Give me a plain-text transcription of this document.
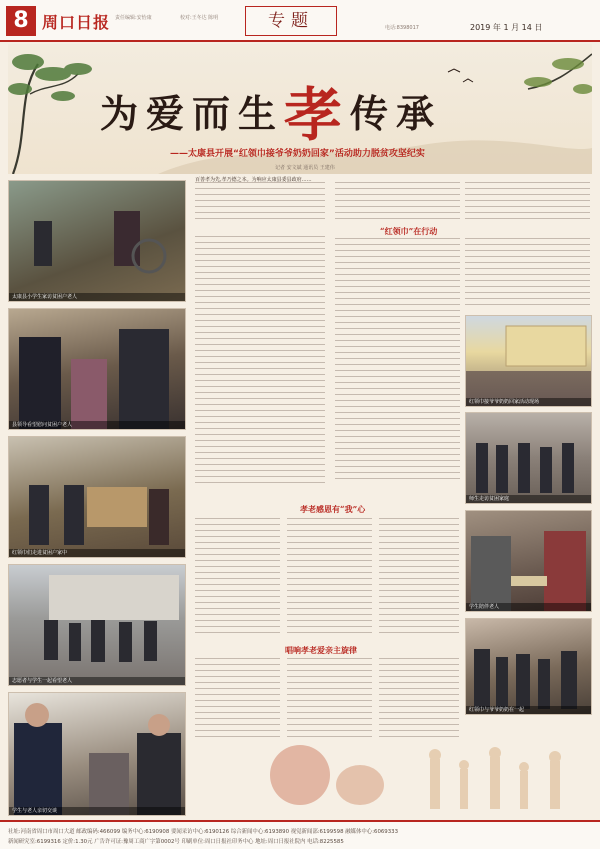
8 周口日报 责任编辑:安怡康	校对:王冬达 陈明	专题	电话:8398017	2019 年 1 月 14 日
为爱而生孝传承
——太康县开展“红领巾接爷爷奶奶回家”活动助力脱贫攻坚纪实
记者 安文斌 通讯员 王建伟
太康县小学生家访贫困户老人
县领导看望慰问贫困户老人
红领巾们走进贫困户家中
志愿者与学生一起看望老人
学生与老人亲切交谈
红领巾接爷爷奶奶回家活动现场
师生走访贫困家庭
学生陪伴老人
红领巾与爷爷奶奶在一起
百善孝为先,孝乃德之本。为响应太康县委县政府……
“红领巾”在行动
孝老感恩有“我”心
唱响孝老爱亲主旋律
社址:河南省周口市周口大道 邮政编码:466099 编务中心:6190908 要闻采访中心:6190126 综合新闻中心:6193890 视觉新闻部:6199598 融媒体中心:6069333
新闻研究室:6199316 定价:1.30元 广告许可证:豫周工商广字第0002号 印刷单位:周口日报社印务中心 地址:周口日报社院内 电话:8225585
